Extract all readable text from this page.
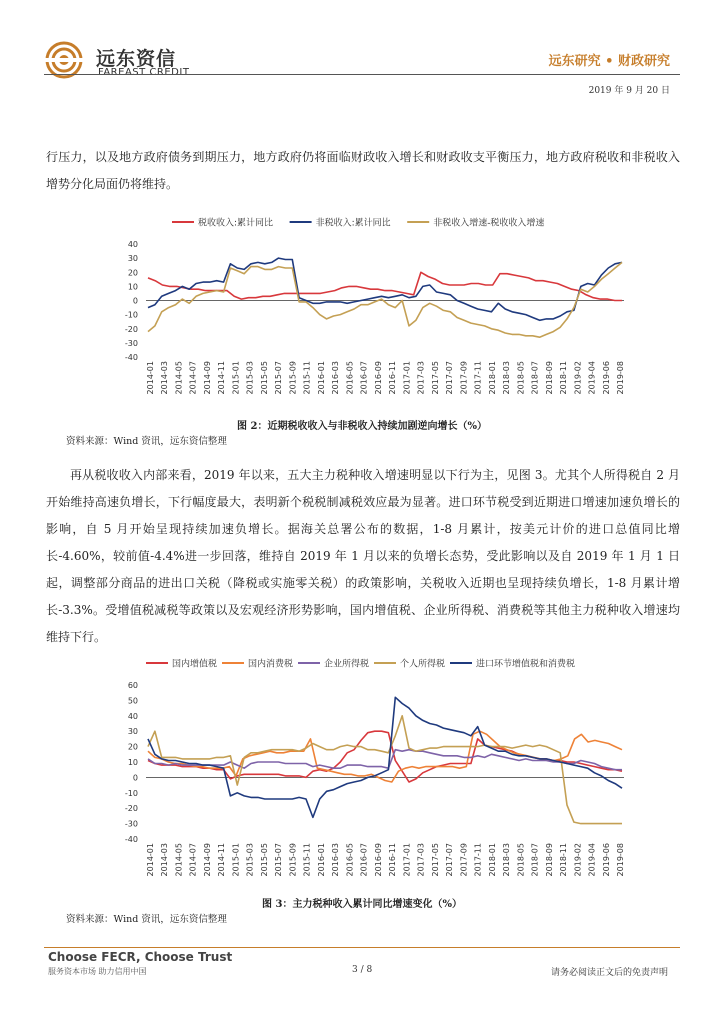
远东资信
FAREAST CREDIT
远东研究 • 财政研究
2019 年 9 月 20 日

行压力，以及地方政府债务到期压力，地方政府仍将面临财政收入增长和财政收支平衡压力，地方政府税收和非税收入增势分化局面仍将维持。

税收收入:累计同比	非税收入:累计同比	非税收入增速-税收收入增速
40
30
20
10
0
-10
-20
-30
-40
2014-01 2014-03 2014-05 2014-07 2014-09 2014-11 2015-01 2015-03 2015-05 2015-07 2015-09 2015-11 2016-01 2016-03 2016-05 2016-07 2016-09 2016-11 2017-01 2017-03 2017-05 2017-07 2017-09 2017-11 2018-01 2018-03 2018-05 2018-07 2018-09 2018-11 2019-02 2019-04 2019-06 2019-08
图 2：近期税收收入与非税收入持续加剧逆向增长（%）
资料来源：Wind 资讯，远东资信整理

再从税收收入内部来看，2019 年以来，五大主力税种收入增速明显以下行为主，见图 3。尤其个人所得税自 2 月开始维持高速负增长，下行幅度最大，表明新个税税制减税效应最为显著。进口环节税受到近期进口增速加速负增长的影响，自 5 月开始呈现持续加速负增长。据海关总署公布的数据，1-8 月累计，按美元计价的进口总值同比增长-4.60%，较前值-4.4%进一步回落，维持自 2019 年 1 月以来的负增长态势，受此影响以及自 2019 年 1 月 1 日起，调整部分商品的进出口关税（降税或实施零关税）的政策影响，关税收入近期也呈现持续负增长，1-8 月累计增长-3.3%。受增值税减税等政策以及宏观经济形势影响，国内增值税、企业所得税、消费税等其他主力税种收入增速均维持下行。

国内增值税	国内消费税	企业所得税	个人所得税	进口环节增值税和消费税
60
50
40
30
20
10
0
-10
-20
-30
-40
2014-01 2014-03 2014-05 2014-07 2014-09 2014-11 2015-01 2015-03 2015-05 2015-07 2015-09 2015-11 2016-01 2016-03 2016-05 2016-07 2016-09 2016-11 2017-01 2017-03 2017-05 2017-07 2017-09 2017-11 2018-01 2018-03 2018-05 2018-07 2018-09 2018-11 2019-02 2019-04 2019-06 2019-08
图 3：主力税种收入累计同比增速变化（%）
资料来源：Wind 资讯，远东资信整理
Choose FECR, Choose Trust
服务资本市场 助力信用中国	3 / 8	请务必阅读正文后的免责声明
